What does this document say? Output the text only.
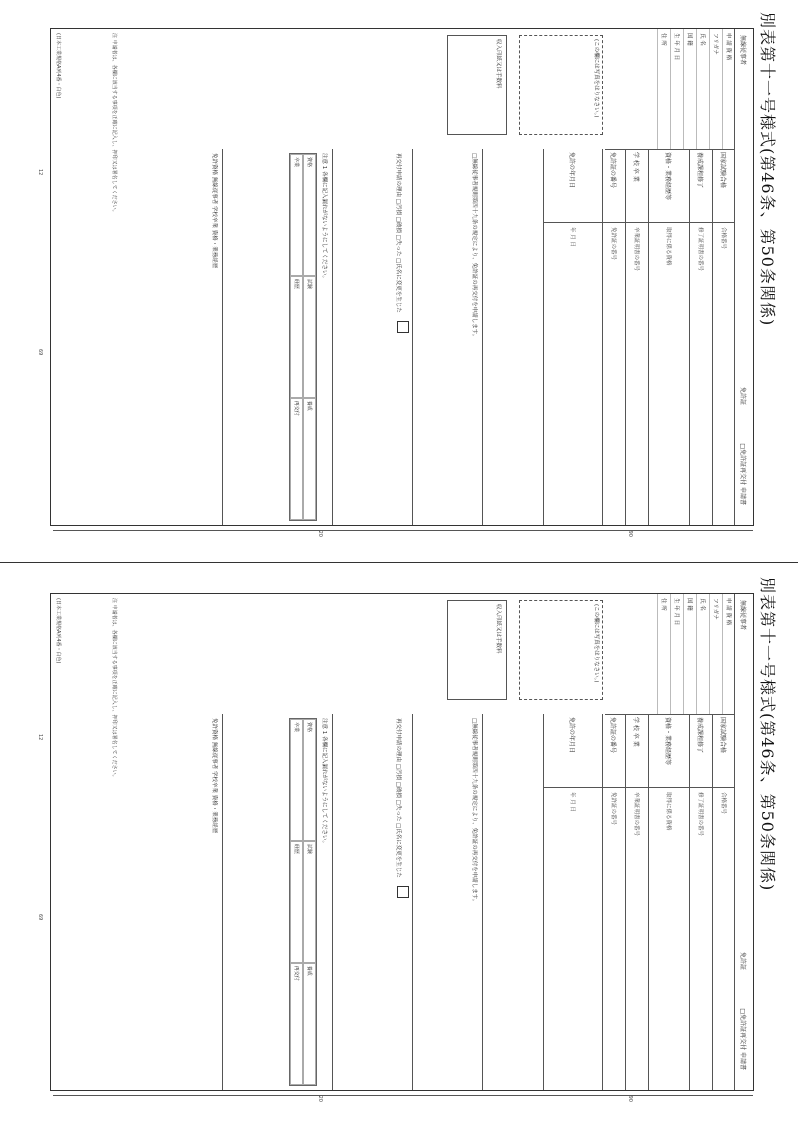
別表第十一号様式(第46条、第50条関係)
無線従事者
免許証
□免許証再交付 申請書
申 請 資 格
フリガナ
氏 名
国 籍
生 年 月 日
住 所
(この欄には写真をはりなさい。)
収入印紙又は手数料
国家試験合格
合格番号
養成課程修了
修了証明書の番号
資格・業務経歴等
取得に係る資格
学 校 卒 業
卒業証明書の番号
免許証の番号
免許証の番号
免許の年月日
年 月 日
□無線従事者規則第四十九条の規定により、免許証の再交付を申請します。
再交付申請の理由 □汚損 □破損 □失った □氏名に変更を生じた
注意 1 各欄に記入漏れがないようにしてください。
資格
試験
養成
卒業
経歴
再交付
免許資格 無線従事者 学校卒業 資格・業務経歴
注 申請者は、各欄に該当する事項を正確に記入し、押印又は署名してください。
(日本工業規格A列4番・白色)
90
20
12
69
別表第十一号様式(第46条、第50条関係)
無線従事者
免許証
□免許証再交付 申請書
申 請 資 格
フリガナ
氏 名
国 籍
生 年 月 日
住 所
(この欄には写真をはりなさい。)
収入印紙又は手数料
国家試験合格
合格番号
養成課程修了
修了証明書の番号
資格・業務経歴等
取得に係る資格
学 校 卒 業
卒業証明書の番号
免許証の番号
免許証の番号
免許の年月日
年 月 日
□無線従事者規則第四十九条の規定により、免許証の再交付を申請します。
再交付申請の理由 □汚損 □破損 □失った □氏名に変更を生じた
注意 1 各欄に記入漏れがないようにしてください。
資格
試験
養成
卒業
経歴
再交付
免許資格 無線従事者 学校卒業 資格・業務経歴
注 申請者は、各欄に該当する事項を正確に記入し、押印又は署名してください。
(日本工業規格A列4番・白色)
90
20
12
69
